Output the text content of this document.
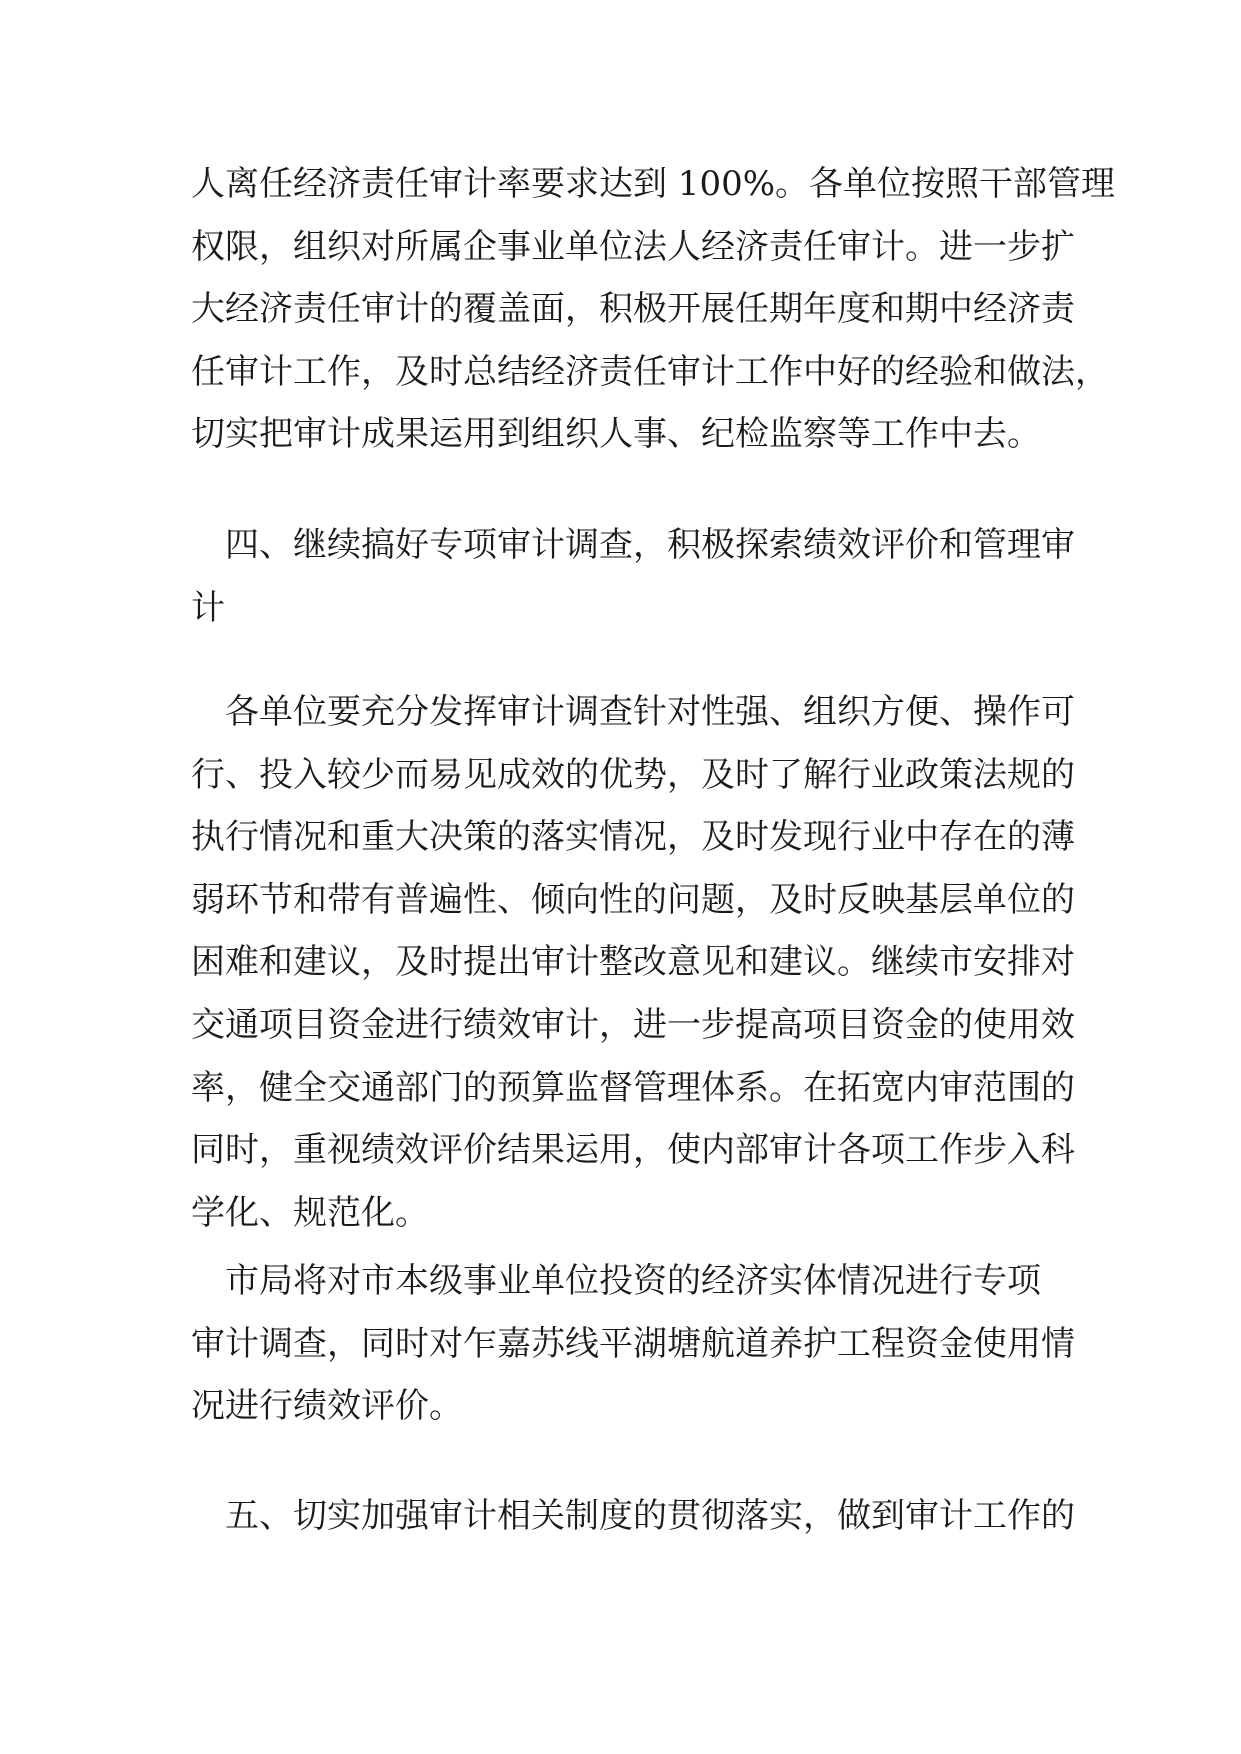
人离任经济责任审计率要求达到 100%。各单位按照干部管理
权限，组织对所属企事业单位法人经济责任审计。进一步扩
大经济责任审计的覆盖面，积极开展任期年度和期中经济责
任审计工作，及时总结经济责任审计工作中好的经验和做法，
切实把审计成果运用到组织人事、纪检监察等工作中去。
四、继续搞好专项审计调查，积极探索绩效评价和管理审
计
各单位要充分发挥审计调查针对性强、组织方便、操作可
行、投入较少而易见成效的优势，及时了解行业政策法规的
执行情况和重大决策的落实情况，及时发现行业中存在的薄
弱环节和带有普遍性、倾向性的问题，及时反映基层单位的
困难和建议，及时提出审计整改意见和建议。继续市安排对
交通项目资金进行绩效审计，进一步提高项目资金的使用效
率，健全交通部门的预算监督管理体系。在拓宽内审范围的
同时，重视绩效评价结果运用，使内部审计各项工作步入科
学化、规范化。
市局将对市本级事业单位投资的经济实体情况进行专项
审计调查，同时对乍嘉苏线平湖塘航道养护工程资金使用情
况进行绩效评价。
五、切实加强审计相关制度的贯彻落实，做到审计工作的
